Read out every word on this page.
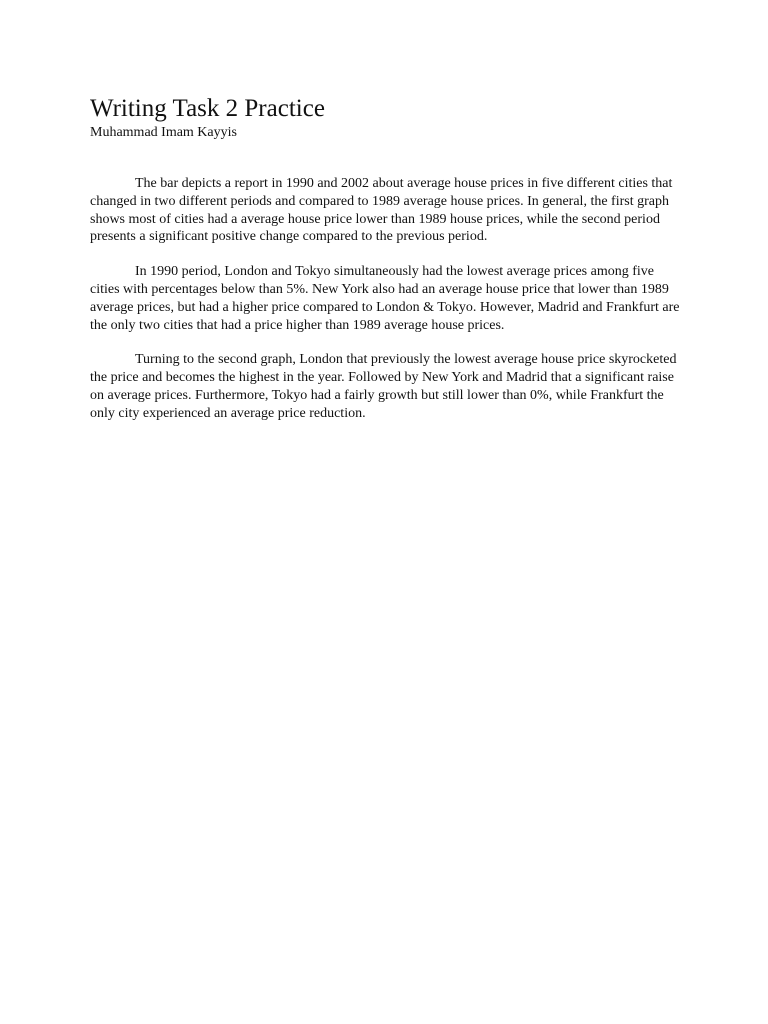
Writing Task 2 Practice

Muhammad Imam Kayyis

The bar depicts a report in 1990 and 2002 about average house prices in five different cities that changed in two different periods and compared to 1989 average house prices. In general, the first graph shows most of cities had a average house price lower than 1989 house prices, while the second period presents a significant positive change compared to the previous period.

In 1990 period, London and Tokyo simultaneously had the lowest average prices among five cities with percentages below than 5%. New York also had an average house price that lower than 1989 average prices, but had a higher price compared to London & Tokyo. However, Madrid and Frankfurt are the only two cities that had a price higher than 1989 average house prices.

Turning to the second graph, London that previously the lowest average house price skyrocketed the price and becomes the highest in the year. Followed by New York and Madrid that a significant raise on average prices. Furthermore, Tokyo had a fairly growth but still lower than 0%, while Frankfurt the only city experienced an average price reduction.
